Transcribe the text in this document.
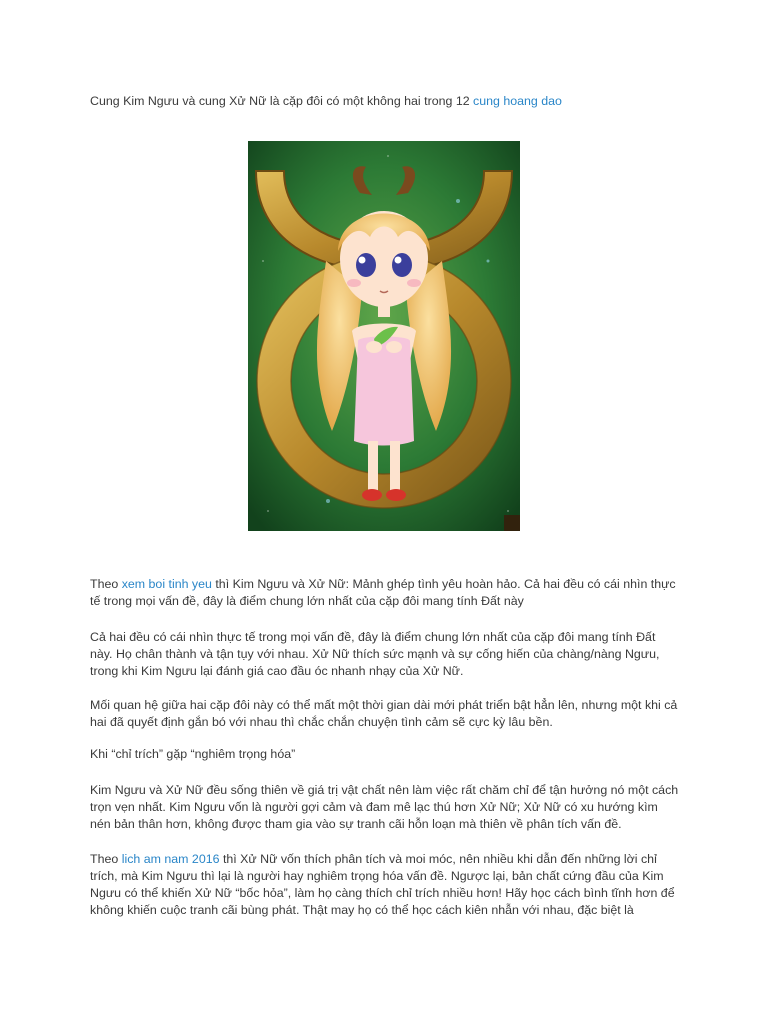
Cung Kim Ngưu và cung Xử Nữ là cặp đôi có một không hai trong 12 cung hoang dao

Theo xem boi tinh yeu thì Kim Ngưu và Xử Nữ: Mảnh ghép tình yêu hoàn hảo. Cả hai đều có cái nhìn thực tế trong mọi vấn đề, đây là điểm chung lớn nhất của cặp đôi mang tính Đất này

Cả hai đều có cái nhìn thực tế trong mọi vấn đề, đây là điểm chung lớn nhất của cặp đôi mang tính Đất này. Họ chân thành và tận tụy với nhau. Xử Nữ thích sức mạnh và sự cống hiến của chàng/nàng Ngưu, trong khi Kim Ngưu lại đánh giá cao đầu óc nhanh nhạy của Xử Nữ.

Mối quan hệ giữa hai cặp đôi này có thể mất một thời gian dài mới phát triển bật hẳn lên, nhưng một khi cả hai đã quyết định gắn bó với nhau thì chắc chắn chuyện tình cảm sẽ cực kỳ lâu bền.

Khi “chỉ trích” gặp “nghiêm trọng hóa”

Kim Ngưu và Xử Nữ đều sống thiên về giá trị vật chất nên làm việc rất chăm chỉ để tận hưởng nó một cách trọn vẹn nhất. Kim Ngưu vốn là người gợi cảm và đam mê lạc thú hơn Xử Nữ; Xử Nữ có xu hướng kìm nén bản thân hơn, không được tham gia vào sự tranh cãi hỗn loạn mà thiên về phân tích vấn đề.

Theo lich am nam 2016 thì Xử Nữ vốn thích phân tích và moi móc, nên nhiều khi dẫn đến những lời chỉ trích, mà Kim Ngưu thì lại là người hay nghiêm trọng hóa vấn đề. Ngược lại, bản chất cứng đầu của Kim Ngưu có thể khiến Xử Nữ “bốc hỏa”, làm họ càng thích chỉ trích nhiều hơn! Hãy học cách bình tĩnh hơn để không khiến cuộc tranh cãi bùng phát. Thật may họ có thể học cách kiên nhẫn với nhau, đặc biệt là
